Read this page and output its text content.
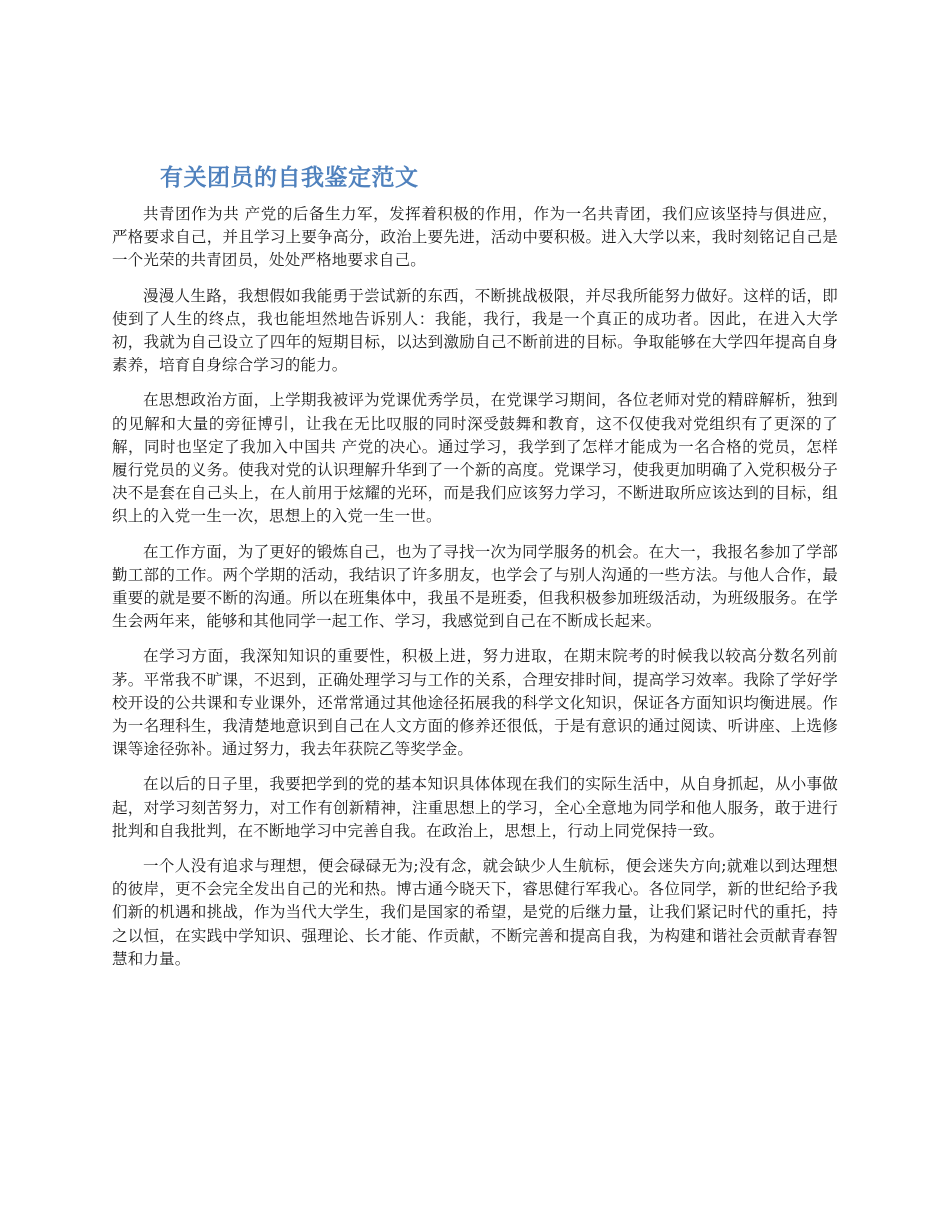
有关团员的自我鉴定范文

共青团作为共 产党的后备生力军，发挥着积极的作用，作为一名共青团，我们应该坚持与俱进应，严格要求自己，并且学习上要争高分，政治上要先进，活动中要积极。进入大学以来，我时刻铭记自己是一个光荣的共青团员，处处严格地要求自己。

漫漫人生路，我想假如我能勇于尝试新的东西，不断挑战极限，并尽我所能努力做好。这样的话，即使到了人生的终点，我也能坦然地告诉别人：我能，我行，我是一个真正的成功者。因此，在进入大学初，我就为自己设立了四年的短期目标，以达到激励自己不断前进的目标。争取能够在大学四年提高自身素养，培育自身综合学习的能力。

在思想政治方面，上学期我被评为党课优秀学员，在党课学习期间，各位老师对党的精辟解析，独到的见解和大量的旁征博引，让我在无比叹服的同时深受鼓舞和教育，这不仅使我对党组织有了更深的了解，同时也坚定了我加入中国共 产党的决心。通过学习，我学到了怎样才能成为一名合格的党员，怎样履行党员的义务。使我对党的认识理解升华到了一个新的高度。党课学习，使我更加明确了入党积极分子决不是套在自己头上，在人前用于炫耀的光环，而是我们应该努力学习，不断进取所应该达到的目标，组织上的入党一生一次，思想上的入党一生一世。

在工作方面，为了更好的锻炼自己，也为了寻找一次为同学服务的机会。在大一，我报名参加了学部勤工部的工作。两个学期的活动，我结识了许多朋友，也学会了与别人沟通的一些方法。与他人合作，最重要的就是要不断的沟通。所以在班集体中，我虽不是班委，但我积极参加班级活动，为班级服务。在学生会两年来，能够和其他同学一起工作、学习，我感觉到自己在不断成长起来。

在学习方面，我深知知识的重要性，积极上进，努力进取，在期末院考的时候我以较高分数名列前茅。平常我不旷课，不迟到，正确处理学习与工作的关系，合理安排时间，提高学习效率。我除了学好学校开设的公共课和专业课外，还常常通过其他途径拓展我的科学文化知识，保证各方面知识均衡进展。作为一名理科生，我清楚地意识到自己在人文方面的修养还很低，于是有意识的通过阅读、听讲座、上选修课等途径弥补。通过努力，我去年获院乙等奖学金。

在以后的日子里，我要把学到的党的基本知识具体体现在我们的实际生活中，从自身抓起，从小事做起，对学习刻苦努力，对工作有创新精神，注重思想上的学习，全心全意地为同学和他人服务，敢于进行批判和自我批判，在不断地学习中完善自我。在政治上，思想上，行动上同党保持一致。

一个人没有追求与理想，便会碌碌无为;没有念，就会缺少人生航标，便会迷失方向;就难以到达理想的彼岸，更不会完全发出自己的光和热。博古通今晓天下，睿思健行军我心。各位同学，新的世纪给予我们新的机遇和挑战，作为当代大学生，我们是国家的希望，是党的后继力量，让我们紧记时代的重托，持之以恒，在实践中学知识、强理论、长才能、作贡献，不断完善和提高自我，为构建和谐社会贡献青春智慧和力量。
